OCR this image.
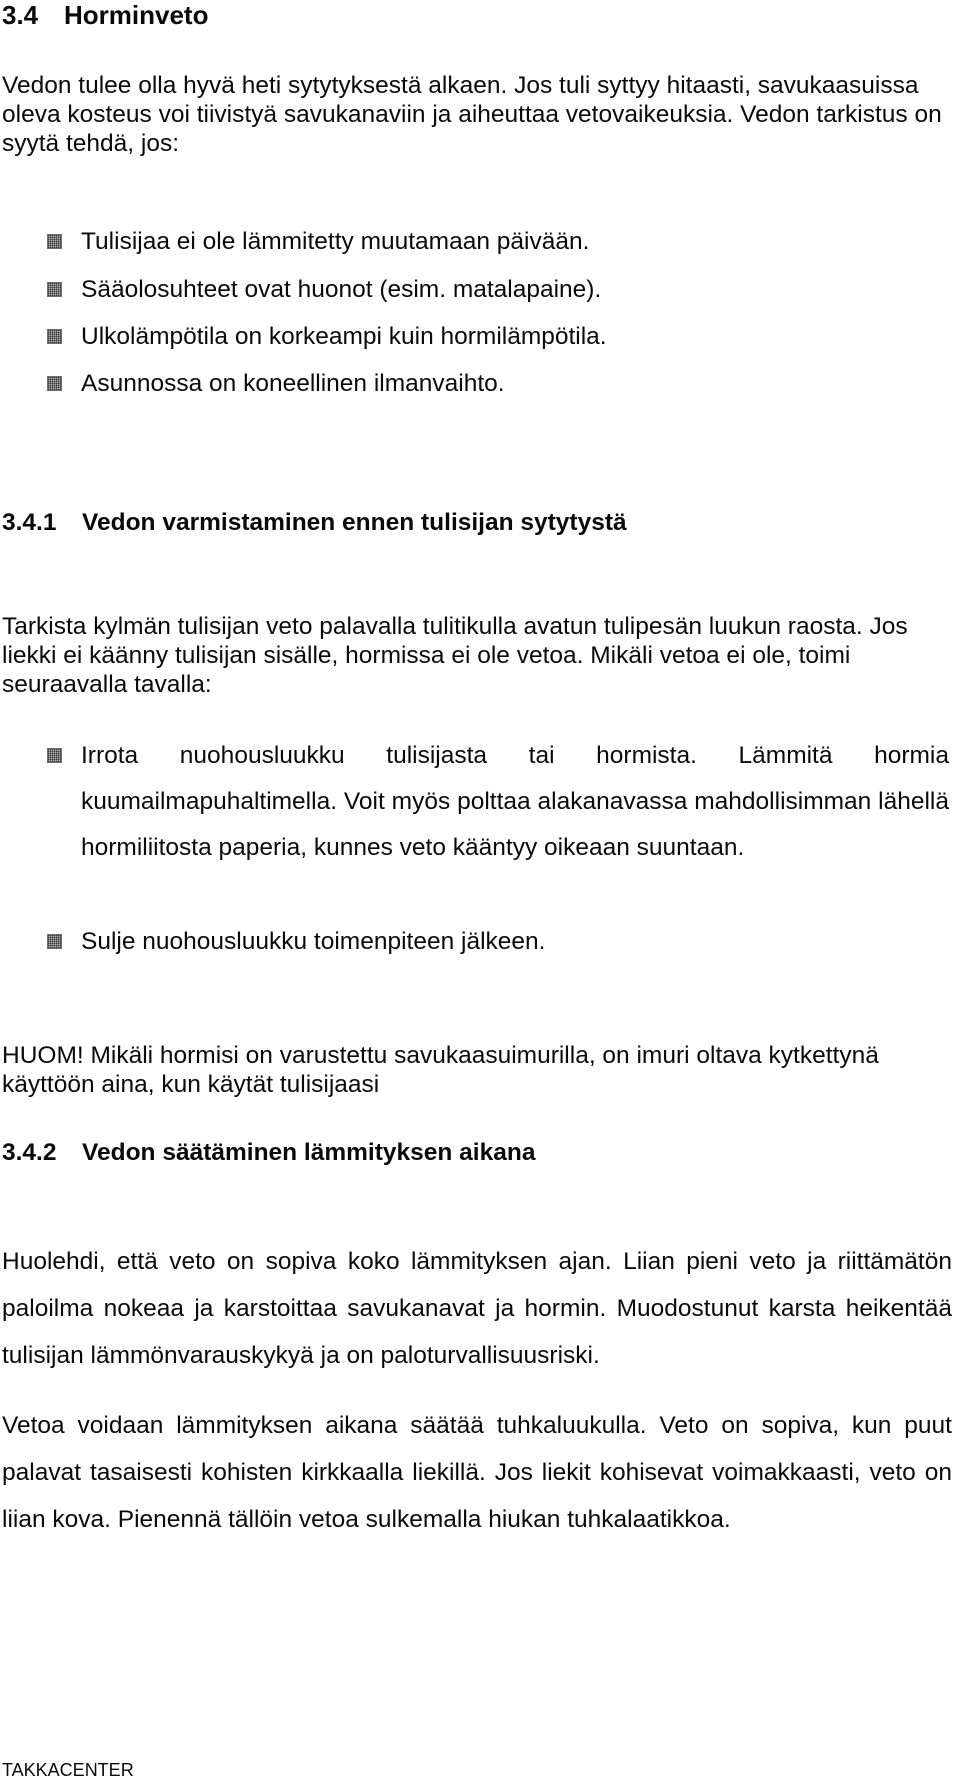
3.4 Horminveto

Vedon tulee olla hyvä heti sytytyksestä alkaen. Jos tuli syttyy hitaasti, savukaasuissa oleva kosteus voi tiivistyä savukanaviin ja aiheuttaa vetovaikeuksia. Vedon tarkistus on syytä tehdä, jos:

Tulisijaa ei ole lämmitetty muutamaan päivään.
Sääolosuhteet ovat huonot (esim. matalapaine).
Ulkolämpötila on korkeampi kuin hormilämpötila.
Asunnossa on koneellinen ilmanvaihto.
3.4.1 Vedon varmistaminen ennen tulisijan sytytystä

Tarkista kylmän tulisijan veto palavalla tulitikulla avatun tulipesän luukun raosta. Jos liekki ei käänny tulisijan sisälle, hormissa ei ole vetoa. Mikäli vetoa ei ole, toimi seuraavalla tavalla:

Irrota nuohousluukku tulisijasta tai hormista. Lämmitä hormia kuumailmapuhaltimella. Voit myös polttaa alakanavassa mahdollisimman lähellä hormiliitosta paperia, kunnes veto kääntyy oikeaan suuntaan.
Sulje nuohousluukku toimenpiteen jälkeen.

HUOM! Mikäli hormisi on varustettu savukaasuimurilla, on imuri oltava kytkettynä käyttöön aina, kun käytät tulisijaasi

3.4.2 Vedon säätäminen lämmityksen aikana

Huolehdi, että veto on sopiva koko lämmityksen ajan. Liian pieni veto ja riittämätön paloilma nokeaa ja karstoittaa savukanavat ja hormin. Muodostunut karsta heikentää tulisijan lämmönvarauskykyä ja on paloturvallisuusriski.

Vetoa voidaan lämmityksen aikana säätää tuhkaluukulla. Veto on sopiva, kun puut palavat tasaisesti kohisten kirkkaalla liekillä. Jos liekit kohisevat voimakkaasti, veto on liian kova. Pienennä tällöin vetoa sulkemalla hiukan tuhkalaatikkoa.

TAKKACENTER
